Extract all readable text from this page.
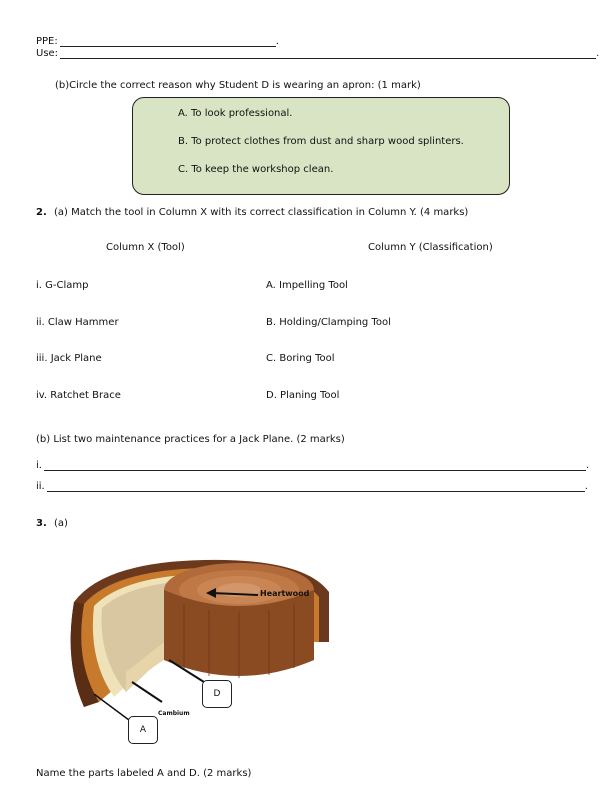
PPE:	.
Use:	.
(b)Circle the correct reason why Student D is wearing an apron: (1 mark)
A. To look professional.
B. To protect clothes from dust and sharp wood splinters.
C. To keep the workshop clean.
2. (a) Match the tool in Column X with its correct classification in Column Y. (4 marks)
Column X (Tool)	Column Y (Classification)
i. G-Clamp	A. Impelling Tool
ii. Claw Hammer	B. Holding/Clamping Tool
iii. Jack Plane	C. Boring Tool
iv. Ratchet Brace	D. Planing Tool
(b) List two maintenance practices for a Jack Plane. (2 marks)
i.	.
ii.	.
3. (a)
Heartwood
Cambium
D
A
Name the parts labeled A and D. (2 marks)
